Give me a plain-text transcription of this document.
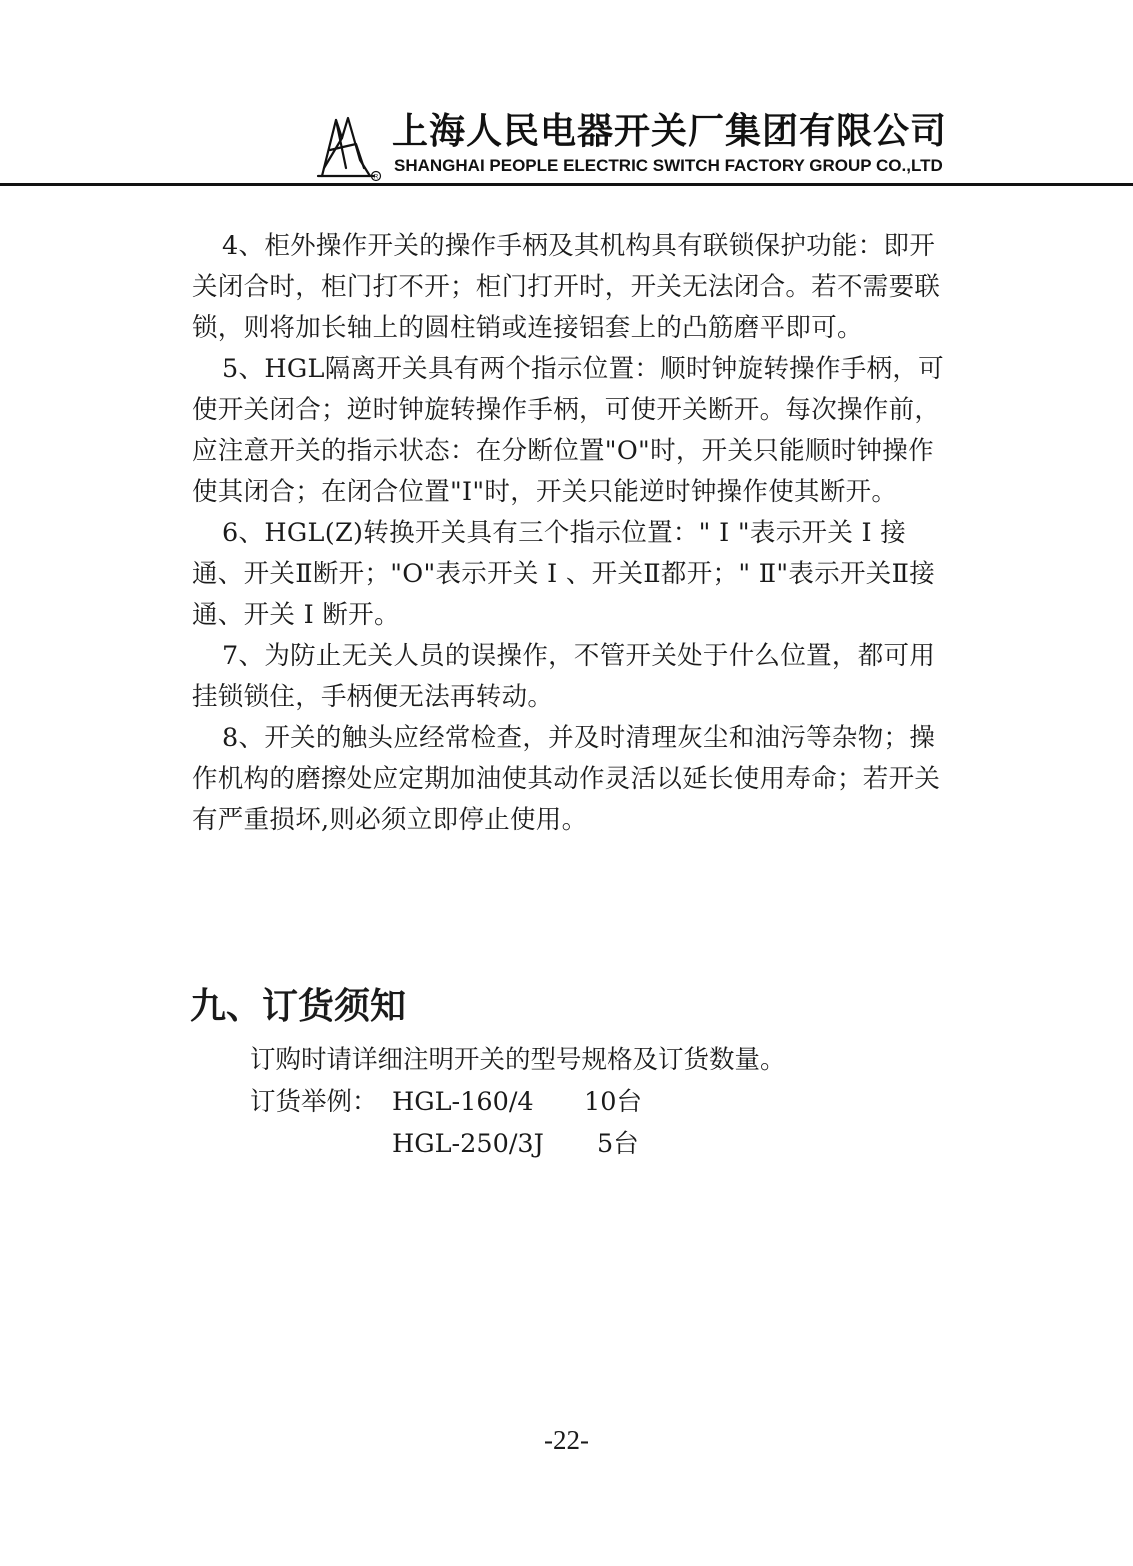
R
上海人民电器开关厂集团有限公司
SHANGHAI PEOPLE ELECTRIC SWITCH FACTORY GROUP CO.,LTD

4、柜外操作开关的操作手柄及其机构具有联锁保护功能：即开关闭合时，柜门打不开；柜门打开时，开关无法闭合。若不需要联锁，则将加长轴上的圆柱销或连接铝套上的凸筋磨平即可。

5、HGL隔离开关具有两个指示位置：顺时钟旋转操作手柄，可使开关闭合；逆时钟旋转操作手柄，可使开关断开。每次操作前，应注意开关的指示状态：在分断位置"O"时，开关只能顺时钟操作使其闭合；在闭合位置"I"时，开关只能逆时钟操作使其断开。

6、HGL(Z)转换开关具有三个指示位置：" I "表示开关 I 接通、开关Ⅱ断开；"O"表示开关 I 、开关Ⅱ都开；" Ⅱ"表示开关Ⅱ接通、开关 I 断开。

7、为防止无关人员的误操作，不管开关处于什么位置，都可用挂锁锁住，手柄便无法再转动。

8、开关的触头应经常检查，并及时清理灰尘和油污等杂物；操作机构的磨擦处应定期加油使其动作灵活以延长使用寿命；若开关有严重损坏,则必须立即停止使用。

九、订货须知
订购时请详细注明开关的型号规格及订货数量。
订货举例： HGL-160/4 10台
HGL-250/3J 5台
-22-
